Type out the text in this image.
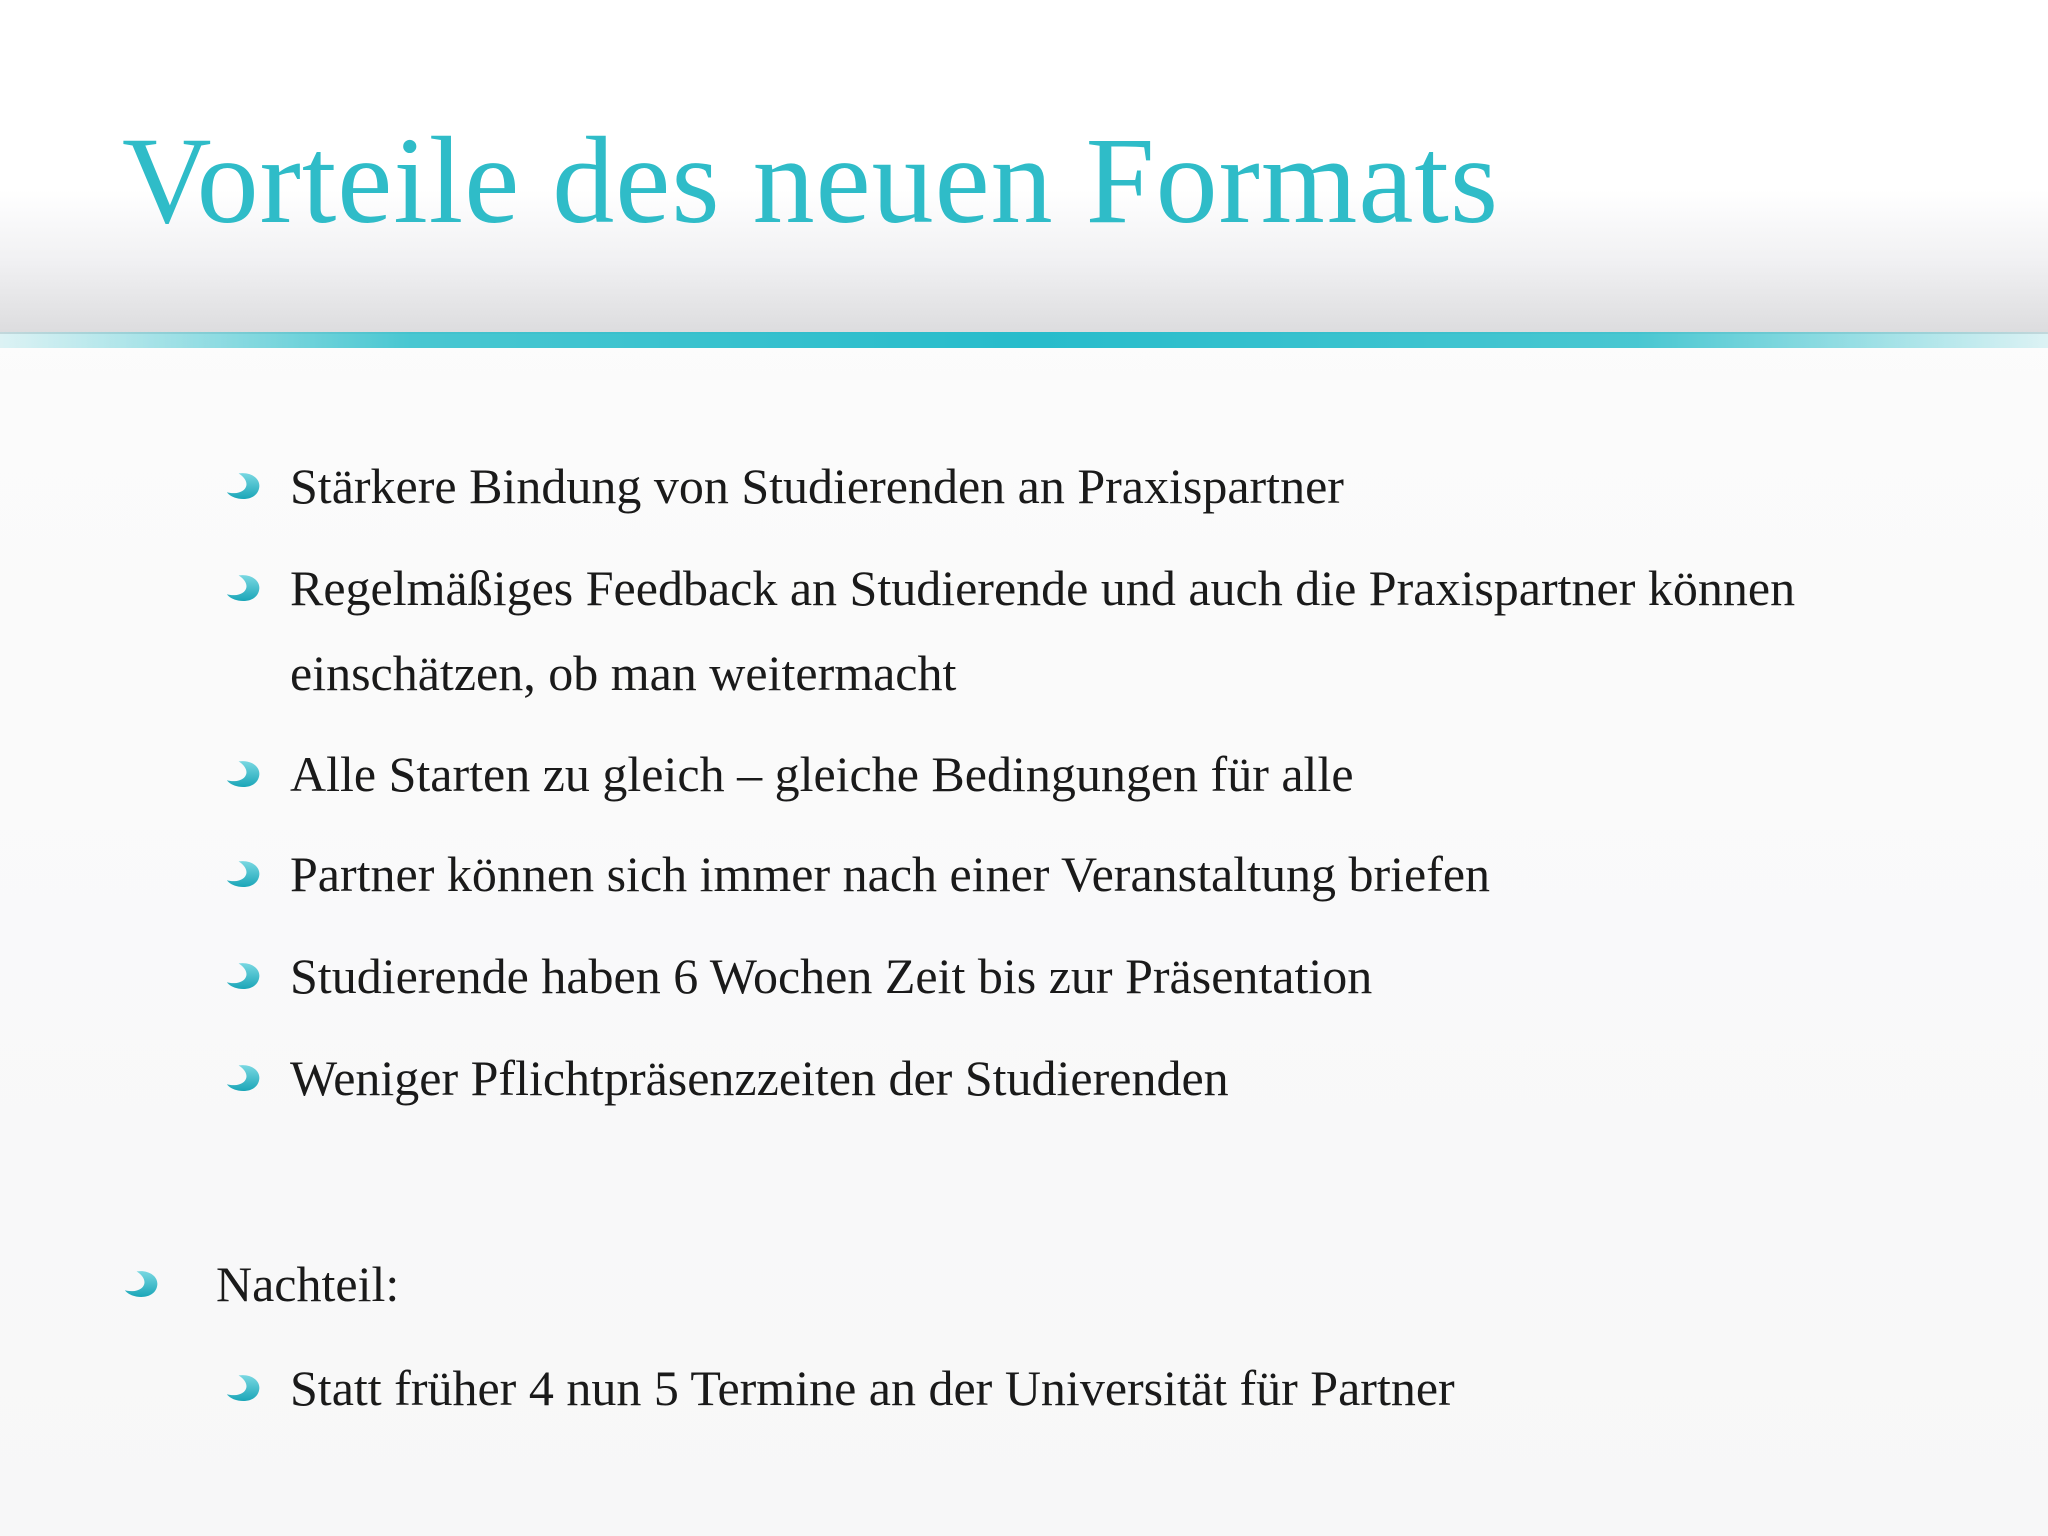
Vorteile des neuen Formats
Stärkere Bindung von Studierenden an Praxispartner
Regelmäßiges Feedback an Studierende und auch die Praxispartner können einschätzen, ob man weitermacht
Alle Starten zu gleich – gleiche Bedingungen für alle
Partner können sich immer nach einer Veranstaltung briefen
Studierende haben 6 Wochen Zeit bis zur Präsentation
Weniger Pflichtpräsenzzeiten der Studierenden
Nachteil:
Statt früher 4 nun 5 Termine an der Universität für Partner
